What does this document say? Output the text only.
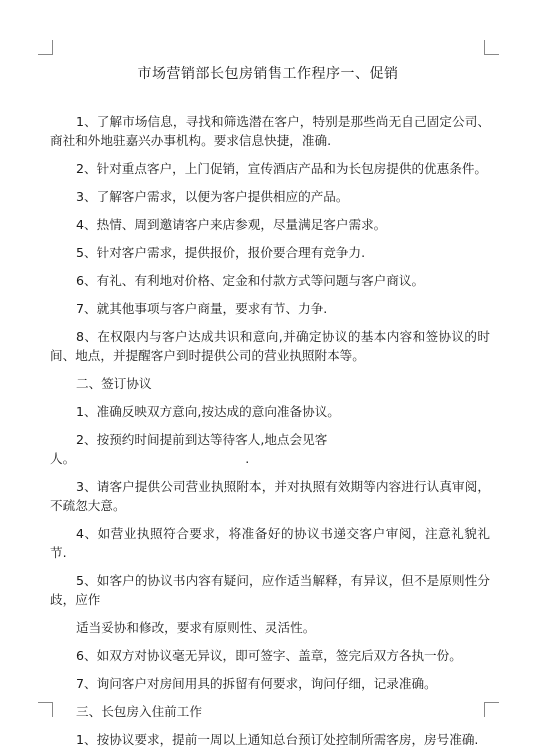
市场营销部长包房销售工作程序一、促销

1、了解市场信息，寻找和筛选潜在客户，特别是那些尚无自己固定公司、商社和外地驻嘉兴办事机构。要求信息快捷，准确.

2、针对重点客户，上门促销，宣传酒店产品和为长包房提供的优惠条件。

3、了解客户需求，以便为客户提供相应的产品。

4、热情、周到邀请客户来店参观，尽量满足客户需求。

5、针对客户需求，提供报价，报价要合理有竞争力.

6、有礼、有利地对价格、定金和付款方式等问题与客户商议。

7、就其他事项与客户商量，要求有节、力争.

8、在权限内与客户达成共识和意向,并确定协议的基本内容和签协议的时间、地点，并提醒客户到时提供公司的营业执照附本等。

二、签订协议

1、准确反映双方意向,按达成的意向准备协议。

2、按预约时间提前到达等待客人,地点会见客

人。	.

3、请客户提供公司营业执照附本，并对执照有效期等内容进行认真审阅，不疏忽大意。

4、如营业执照符合要求，将准备好的协议书递交客户审阅，注意礼貌礼节.

5、如客户的协议书内容有疑问，应作适当解释，有异议，但不是原则性分歧，应作

适当妥协和修改，要求有原则性、灵活性。

6、如双方对协议毫无异议，即可签字、盖章，签完后双方各执一份。

7、询问客户对房间用具的拆留有何要求，询问仔细，记录准确。

三、长包房入住前工作

1、按协议要求，提前一周以上通知总台预订处控制所需客房，房号准确.
